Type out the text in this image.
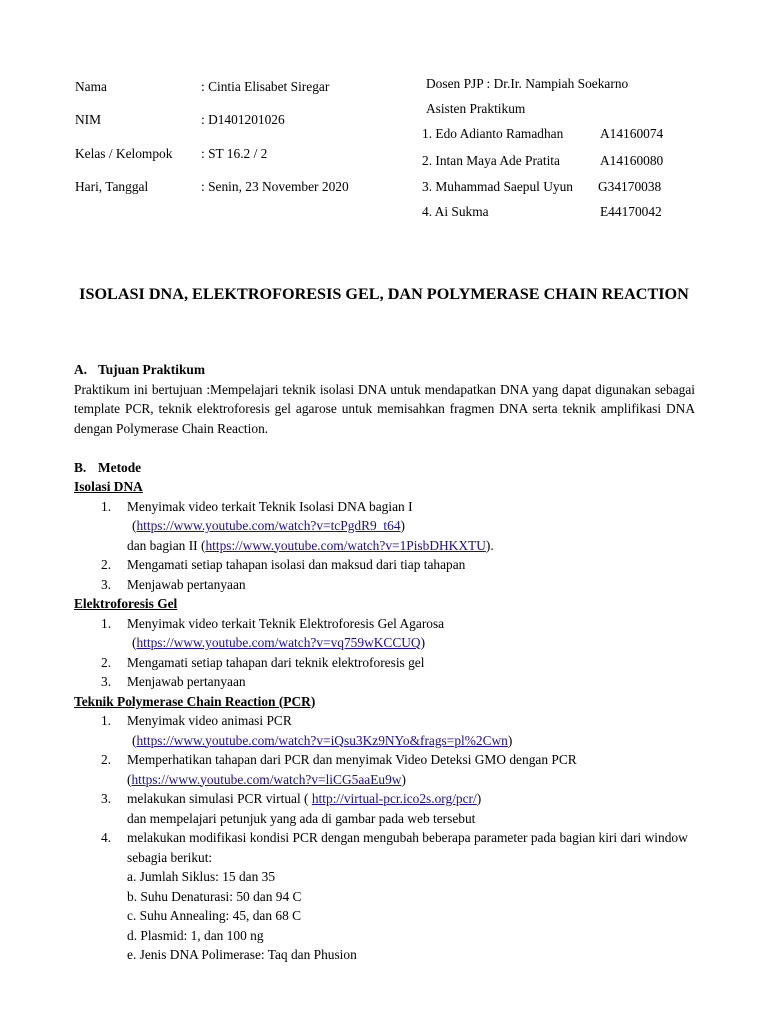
Nama	: Cintia Elisabet Siregar
NIM	: D1401201026
Kelas / Kelompok : ST 16.2 / 2
Hari, Tanggal	: Senin, 23 November 2020
Dosen PJP : Dr.Ir. Nampiah Soekarno
Asisten Praktikum
1. Edo Adianto Ramadhan	A14160074
2. Intan Maya Ade Pratita	A14160080
3. Muhammad Saepul Uyun G34170038
4. Ai Sukma	E44170042
ISOLASI DNA, ELEKTROFORESIS GEL, DAN POLYMERASE CHAIN REACTION
A. Tujuan Praktikum
Praktikum ini bertujuan :Mempelajari teknik isolasi DNA untuk mendapatkan DNA yang dapat digunakan sebagai template PCR, teknik elektroforesis gel agarose untuk memisahkan fragmen DNA serta teknik amplifikasi DNA dengan Polymerase Chain Reaction.
B. Metode
Isolasi DNA
1. Menyimak video terkait Teknik Isolasi DNA bagian I
(https://www.youtube.com/watch?v=tcPgdR9_t64)
dan bagian II (https://www.youtube.com/watch?v=1PisbDHKXTU).
2. Mengamati setiap tahapan isolasi dan maksud dari tiap tahapan
3. Menjawab pertanyaan
Elektroforesis Gel
1. Menyimak video terkait Teknik Elektroforesis Gel Agarosa
(https://www.youtube.com/watch?v=vq759wKCCUQ)
2. Mengamati setiap tahapan dari teknik elektroforesis gel
3. Menjawab pertanyaan
Teknik Polymerase Chain Reaction (PCR)
1. Menyimak video animasi PCR
(https://www.youtube.com/watch?v=iQsu3Kz9NYo&frags=pl%2Cwn)
2. Memperhatikan tahapan dari PCR dan menyimak Video Deteksi GMO dengan PCR
(https://www.youtube.com/watch?v=liCG5aaEu9w)
3. melakukan simulasi PCR virtual ( http://virtual-pcr.ico2s.org/pcr/)
dan mempelajari petunjuk yang ada di gambar pada web tersebut
4. melakukan modifikasi kondisi PCR dengan mengubah beberapa parameter pada bagian kiri dari window sebagia berikut:
a. Jumlah Siklus: 15 dan 35
b. Suhu Denaturasi: 50 dan 94 C
c. Suhu Annealing: 45, dan 68 C
d. Plasmid: 1, dan 100 ng
e. Jenis DNA Polimerase: Taq dan Phusion
